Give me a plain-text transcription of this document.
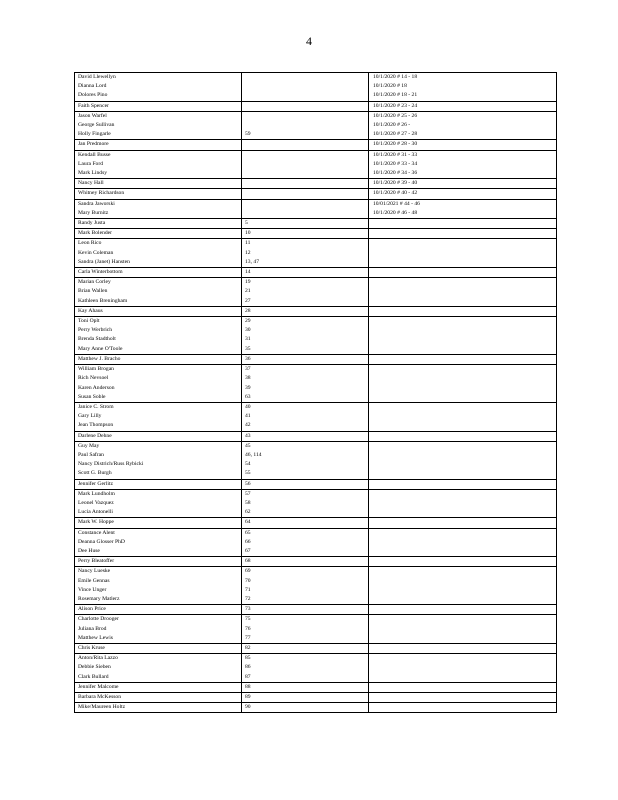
4
David Llewellyn		10/1/2020 # 14 - 18
Dianna Lord		10/1/2020 # 18
Dolores Pino		10/1/2020 # 18 - 21
Faith Spencer		10/1/2020 # 23 - 24
Jason Warfel		10/1/2020 # 25 - 26
George Sullivan		10/1/2020 # 26 -
Holly Fingarle	59	10/1/2020 # 27 - 28
Jan Predmore		10/1/2020 # 28 - 30
Kendall Busse		10/1/2020 # 31 - 33
Laura Ford		10/1/2020 # 33 - 34
Mark Lindsy		10/1/2020 # 34 - 36
Nancy Hall		10/1/2020 # 39 - 40
Whitney Richardson		10/1/2020 # 40 - 42
Sandra Jaworski		10/01/2021 # 44 - 46
Mary Burnitz		10/1/2020 # 46 - 48
Randy Justa	5	
Mark Bolender	10	
Leon Rico	11	
Kevin Coleman	12	
Sandra (Janet) Hansten	13, 47	
Carla Winterbottom	14	
Marian Corley	19	
Brian Wallen	21	
Kathleen Breningham	27	
Kay Ahaus	28	
Toni Oplt	29	
Perry Werbrich	30	
Brenda Stadtholt	31	
Mary Anne O'Toole	35	
Matthew J. Bracho	36	
William Brogan	37	
Rich Nevsoel	38	
Karen Anderson	39	
Susan Soble	63	
Janice C. Strom	40	
Gary Lilly	41	
Jean Thompson	42	
Darlene Dehne	43	
Guy May	45	
Paul Safran	46, 114	
Nancy Districh/Russ Rybicki	54	
Scott G. Burgh	55	
Jennifer Gerlitz	56	
Mark Lundholm	57	
Leonel Vazquez	58	
Lucia Antonelli	62	
Mark W. Hoppe	64	
Constance Alent	65	
Deanna Glosser PhD	66	
Dee Huse	67	
Perry Bleatoffer	68	
Nancy Lueske	69	
Emile Gennas	70	
Vince Unger	71	
Rosemary Matlerz	72	
Alison Price	73	
Charlotte Drooger	75	
Juliana Brod	76	
Matthew Lewis	77	
Chris Kruse	82	
Anton/Rita Lazzo	85	
Debbie Sieben	86	
Clark Bullard	87	
Jennifer Malcome	88	
Barbara McKesson	89	
Mike/Maureen Holtz	90	
